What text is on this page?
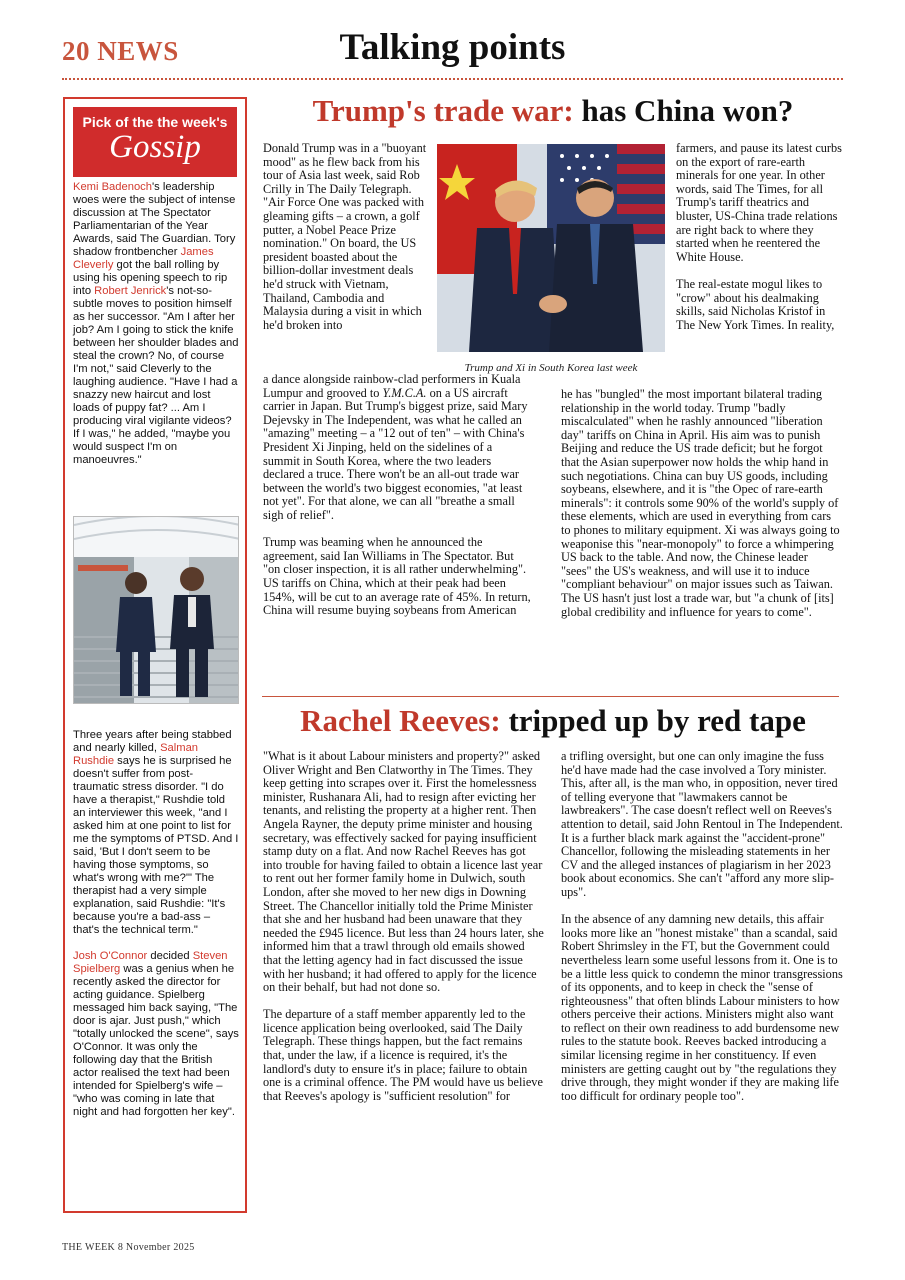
20 NEWS	Talking points
Pick of the the week's
Gossip

Kemi Badenoch's leadership woes were the subject of intense discussion at The Spectator Parliamentarian of the Year Awards, said The Guardian. Tory shadow frontbencher James Cleverly got the ball rolling by using his opening speech to rip into Robert Jenrick's not-so-subtle moves to position himself as her successor. "Am I after her job? Am I going to stick the knife between her shoulder blades and steal the crown? No, of course I'm not," said Cleverly to the laughing audience. "Have I had a snazzy new haircut and lost loads of puppy fat? ... Am I producing viral vigilante videos? If I was," he added, "maybe you would suspect I'm on manoeuvres."

Three years after being stabbed and nearly killed, Salman Rushdie says he is surprised he doesn't suffer from post-traumatic stress disorder. "I do have a therapist," Rushdie told an interviewer this week, "and I asked him at one point to list for me the symptoms of PTSD. And I said, 'But I don't seem to be having those symptoms, so what's wrong with me?'" The therapist had a very simple explanation, said Rushdie: "It's because you're a bad-ass – that's the technical term."

Josh O'Connor decided Steven Spielberg was a genius when he recently asked the director for acting guidance. Spielberg messaged him back saying, "The door is ajar. Just push," which "totally unlocked the scene", says O'Connor. It was only the following day that the British actor realised the text had been intended for Spielberg's wife – "who was coming in late that night and had forgotten her key".

Trump's trade war: has China won?

Donald Trump was in a "buoyant mood" as he flew back from his tour of Asia last week, said Rob Crilly in The Daily Telegraph. "Air Force One was packed with gleaming gifts – a crown, a golf putter, a Nobel Peace Prize nomination." On board, the US president boasted about the billion-dollar investment deals he'd struck with Vietnam, Thailand, Cambodia and Malaysia during a visit in which he'd broken into

Trump and Xi in South Korea last week

a dance alongside rainbow-clad performers in Kuala Lumpur and grooved to Y.M.C.A. on a US aircraft carrier in Japan. But Trump's biggest prize, said Mary Dejevsky in The Independent, was what he called an "amazing" meeting – a "12 out of ten" – with China's President Xi Jinping, held on the sidelines of a summit in South Korea, where the two leaders declared a truce. There won't be an all-out trade war between the world's two biggest economies, "at least not yet". For that alone, we can all "breathe a small sigh of relief".

Trump was beaming when he announced the agreement, said Ian Williams in The Spectator. But "on closer inspection, it is all rather underwhelming". US tariffs on China, which at their peak had been 154%, will be cut to an average rate of 45%. In return, China will resume buying soybeans from American

farmers, and pause its latest curbs on the export of rare-earth minerals for one year. In other words, said The Times, for all Trump's tariff theatrics and bluster, US-China trade relations are right back to where they started when he reentered the White House.

The real-estate mogul likes to "crow" about his dealmaking skills, said Nicholas Kristof in The New York Times. In reality,

he has "bungled" the most important bilateral trading relationship in the world today. Trump "badly miscalculated" when he rashly announced "liberation day" tariffs on China in April. His aim was to punish Beijing and reduce the US trade deficit; but he forgot that the Asian superpower now holds the whip hand in such negotiations. China can buy US goods, including soybeans, elsewhere, and it is "the Opec of rare-earth minerals": it controls some 90% of the world's supply of these elements, which are used in everything from cars to phones to military equipment. Xi was always going to weaponise this "near-monopoly" to force a whimpering US back to the table. And now, the Chinese leader "sees" the US's weakness, and will use it to induce "compliant behaviour" on major issues such as Taiwan. The US hasn't just lost a trade war, but "a chunk of [its] global credibility and influence for years to come".

Rachel Reeves: tripped up by red tape

"What is it about Labour ministers and property?" asked Oliver Wright and Ben Clatworthy in The Times. They keep getting into scrapes over it. First the homelessness minister, Rushanara Ali, had to resign after evicting her tenants, and relisting the property at a higher rent. Then Angela Rayner, the deputy prime minister and housing secretary, was effectively sacked for paying insufficient stamp duty on a flat. And now Rachel Reeves has got into trouble for having failed to obtain a licence last year to rent out her former family home in Dulwich, south London, after she moved to her new digs in Downing Street. The Chancellor initially told the Prime Minister that she and her husband had been unaware that they needed the £945 licence. But less than 24 hours later, she informed him that a trawl through old emails showed that the letting agency had in fact discussed the issue with her husband; it had offered to apply for the licence on their behalf, but had not done so.

The departure of a staff member apparently led to the licence application being overlooked, said The Daily Telegraph. These things happen, but the fact remains that, under the law, if a licence is required, it's the landlord's duty to ensure it's in place; failure to obtain one is a criminal offence. The PM would have us believe that Reeves's apology is "sufficient resolution" for

a trifling oversight, but one can only imagine the fuss he'd have made had the case involved a Tory minister. This, after all, is the man who, in opposition, never tired of telling everyone that "lawmakers cannot be lawbreakers". The case doesn't reflect well on Reeves's attention to detail, said John Rentoul in The Independent. It is a further black mark against the "accident-prone" Chancellor, following the misleading statements in her CV and the alleged instances of plagiarism in her 2023 book about economics. She can't "afford any more slip-ups".

In the absence of any damning new details, this affair looks more like an "honest mistake" than a scandal, said Robert Shrimsley in the FT, but the Government could nevertheless learn some useful lessons from it. One is to be a little less quick to condemn the minor transgressions of its opponents, and to keep in check the "sense of righteousness" that often blinds Labour ministers to how others perceive their actions. Ministers might also want to reflect on their own readiness to add burdensome new rules to the statute book. Reeves backed introducing a similar licensing regime in her constituency. If even ministers are getting caught out by "the regulations they drive through, they might wonder if they are making life too difficult for ordinary people too".

THE WEEK 8 November 2025
